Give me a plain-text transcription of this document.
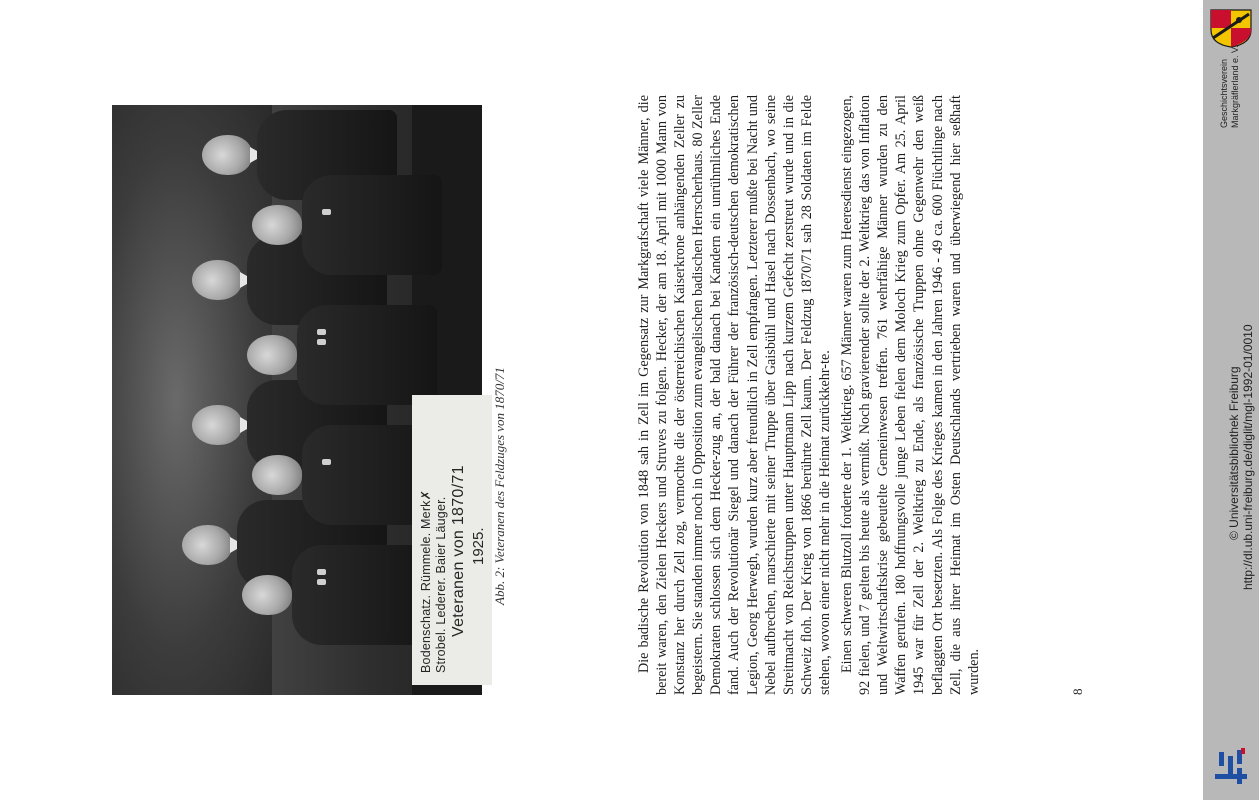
Bodenschatz. Rümmele. Merk✗ Strobel. Lederer. Baier Läuger. Veteranen von 1870/71 1925. Abb. 2: Veteranen des Feldzuges von 1870/71	Die badische Revolution von 1848 sah in Zell im Gegensatz zur Markgrafschaft viele Männer, die bereit waren, den Zielen Heckers und Struves zu folgen. Hecker, der am 18. April mit 1000 Mann von Konstanz her durch Zell zog, vermochte die der österreichischen Kaiserkrone anhängenden Zeller zu begeistern. Sie standen immer noch in Opposition zum evangelischen badischen Herrscherhaus. 80 Zeller Demokraten schlossen sich dem Hecker-zug an, der bald danach bei Kandern ein unrühmliches Ende fand. Auch der Revolutionär Siegel und danach der Führer der französisch-deutschen demokratischen Legion, Georg Herwegh, wurden kurz aber freundlich in Zell empfangen. Letzterer mußte bei Nacht und Nebel aufbrechen, marschierte mit seiner Truppe über Gaisbühl und Hasel nach Dossenbach, wo seine Streitmacht von Reichstruppen unter Hauptmann Lipp nach kurzem Gefecht zerstreut wurde und in die Schweiz floh. Der Krieg von 1866 berührte Zell kaum. Der Feldzug 1870/71 sah 28 Soldaten im Felde stehen, wovon einer nicht mehr in die Heimat zurückkehr-te. Einen schweren Blutzoll forderte der 1. Weltkrieg. 657 Männer waren zum Heeresdienst eingezogen, 92 fielen, und 7 gelten bis heute als vermißt. Noch gravierender sollte der 2. Weltkrieg das von Inflation und Weltwirtschaftskrise gebeutelte Gemeinwesen treffen. 761 wehrfähige Männer wurden zu den Waffen gerufen. 180 hoffnungsvolle junge Leben fielen dem Moloch Krieg zum Opfer. Am 25. April 1945 war für Zell der 2. Weltkrieg zu Ende, als französische Truppen ohne Gegenwehr den weiß beflaggten Ort besetzten. Als Folge des Krieges kamen in den Jahren 1946 - 49 ca. 600 Flüchtlinge nach Zell, die aus ihrer Heimat im Osten Deutschlands vertrieben waren und überwiegend hier seßhaft wurden.	8
Geschichtsverein Markgräflerland e. V.
© Universitätsbibliothek Freiburg http://dl.ub.uni-freiburg.de/diglit/mgl-1992-01/0010
